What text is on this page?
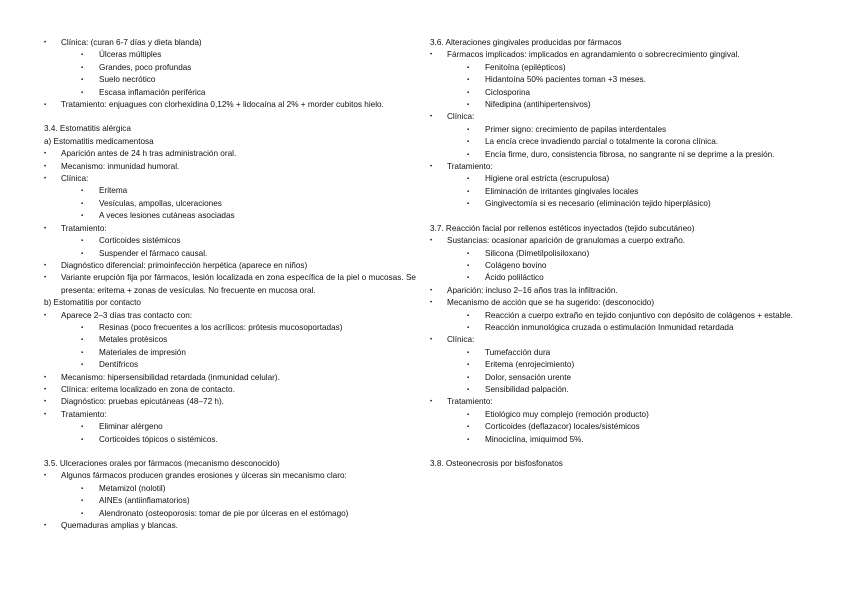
• Clínica: (curan 6-7 días y dieta blanda)
▪ Úlceras múltiples
▪ Grandes, poco profundas
▪ Suelo necrótico
▪ Escasa inflamación periférica
▪ Tratamiento: enjuagues con clorhexidina 0,12% + lidocaína al 2% + morder cubitos hielo.
3.4. Estomatitis alérgica
a) Estomatitis medicamentosa
• Aparición antes de 24 h tras administración oral.
• Mecanismo: inmunidad humoral.
• Clínica:
▪ Eritema
▪ Vesículas, ampollas, ulceraciones
▪ A veces lesiones cutáneas asociadas
• Tratamiento:
▪ Corticoides sistémicos
▪ Suspender el fármaco causal.
• Diagnóstico diferencial: primoinfección herpética (aparece en niños)
• Variante erupción fija por fármacos, lesión localizada en zona específica de la piel o mucosas. Se presenta: eritema + zonas de vesículas. No frecuente en mucosa oral.
b) Estomatitis por contacto
• Aparece 2–3 días tras contacto con:
▪ Resinas (poco frecuentes a los acrílicos: prótesis mucosoportadas)
▪ Metales protésicos
▪ Materiales de impresión
▪ Dentífricos
• Mecanismo: hipersensibilidad retardada (inmunidad celular).
• Clínica: eritema localizado en zona de contacto.
• Diagnóstico: pruebas epicutáneas (48–72 h).
• Tratamiento:
▪ Eliminar alérgeno
▪ Corticoides tópicos o sistémicos.
3.5. Ulceraciones orales por fármacos (mecanismo desconocido)
• Algunos fármacos producen grandes erosiones y úlceras sin mecanismo claro:
▪ Metamizol (nolotil)
▪ AINEs (antiinflamatorios)
▪ Alendronato (osteoporosis: tomar de pie por úlceras en el estómago)
• Quemaduras amplias y blancas.
3.6. Alteraciones gingivales producidas por fármacos
• Fármacos implicados: implicados en agrandamiento o sobrecrecimiento gingival.
▪ Fenitoína (epilépticos)
▪ Hidantoína 50% pacientes toman +3 meses.
▪ Ciclosporina
▪ Nifedipina (antihipertensivos)
• Clínica:
▪ Primer signo: crecimiento de papilas interdentales
▪ La encía crece invadiendo parcial o totalmente la corona clínica.
▪ Encía firme, duro, consistencia fibrosa, no sangrante ni se deprime a la presión.
• Tratamiento:
▪ Higiene oral estricta (escrupulosa)
▪ Eliminación de irritantes gingivales locales
▪ Gingivectomía si es necesario (eliminación tejido hiperplásico)
3.7. Reacción facial por rellenos estéticos inyectados (tejido subcutáneo)
• Sustancias: ocasionar aparición de granulomas a cuerpo extraño.
▪ Silicona (Dimetilpolisiloxano)
▪ Colágeno bovino
▪ Ácido poliláctico
• Aparición: incluso 2–16 años tras la infiltración.
• Mecanismo de acción que se ha sugerido: (desconocido)
▪ Reacción a cuerpo extraño en tejido conjuntivo con depósito de colágenos + estable.
▪ Reacción inmunológica cruzada o estimulación Inmunidad retardada
• Clínica:
▪ Tumefacción dura
▪ Eritema (enrojecimiento)
▪ Dolor, sensación urente
▪ Sensibilidad palpación.
• Tratamiento:
▪ Etiológico muy complejo (remoción producto)
▪ Corticoides (deflazacor) locales/sistémicos
▪ Minociclina, imiquimod 5%.
3.8. Osteonecrosis por bisfosfonatos
